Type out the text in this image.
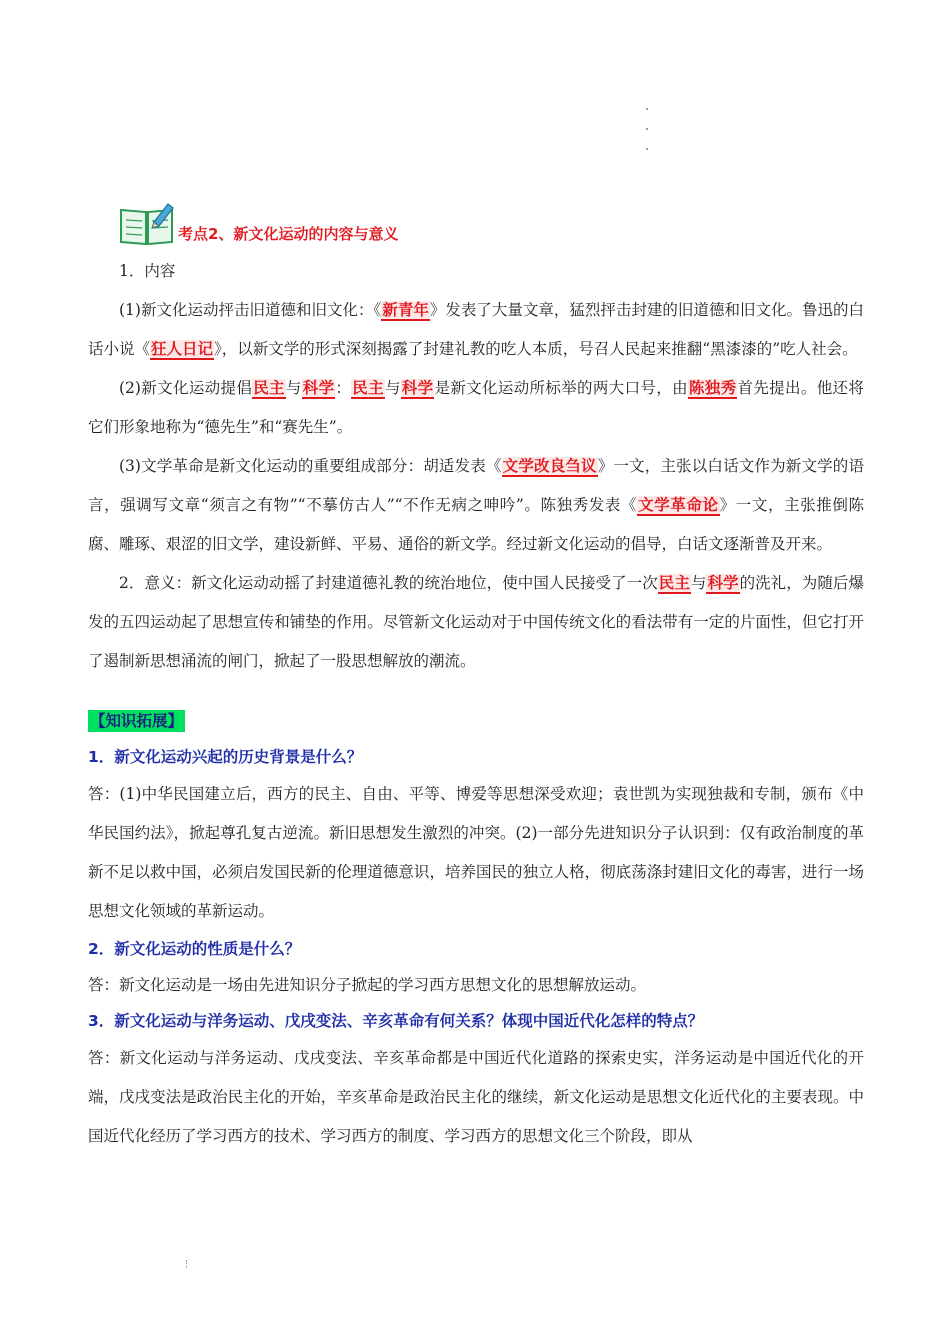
考点2、新文化运动的内容与意义

1．内容

(1)新文化运动抨击旧道德和旧文化：《新青年》发表了大量文章，猛烈抨击封建的旧道德和旧文化。鲁迅的白话小说《狂人日记》，以新文学的形式深刻揭露了封建礼教的吃人本质，号召人民起来推翻“黑漆漆的”吃人社会。

(2)新文化运动提倡民主与科学：民主与科学是新文化运动所标举的两大口号，由陈独秀首先提出。他还将它们形象地称为“德先生”和“赛先生”。

(3)文学革命是新文化运动的重要组成部分：胡适发表《文学改良刍议》一文，主张以白话文作为新文学的语言，强调写文章“须言之有物”“不摹仿古人”“不作无病之呻吟”。陈独秀发表《文学革命论》一文，主张推倒陈腐、雕琢、艰涩的旧文学，建设新鲜、平易、通俗的新文学。经过新文化运动的倡导，白话文逐渐普及开来。

2．意义：新文化运动动摇了封建道德礼教的统治地位，使中国人民接受了一次民主与科学的洗礼，为随后爆发的五四运动起了思想宣传和铺垫的作用。尽管新文化运动对于中国传统文化的看法带有一定的片面性，但它打开了遏制新思想涌流的闸门，掀起了一股思想解放的潮流。

【知识拓展】

1．新文化运动兴起的历史背景是什么？

答：(1)中华民国建立后，西方的民主、自由、平等、博爱等思想深受欢迎；袁世凯为实现独裁和专制，颁布《中华民国约法》，掀起尊孔复古逆流。新旧思想发生激烈的冲突。(2)一部分先进知识分子认识到：仅有政治制度的革新不足以救中国，必须启发国民新的伦理道德意识，培养国民的独立人格，彻底荡涤封建旧文化的毒害，进行一场思想文化领域的革新运动。

2．新文化运动的性质是什么？

答：新文化运动是一场由先进知识分子掀起的学习西方思想文化的思想解放运动。

3．新文化运动与洋务运动、戊戌变法、辛亥革命有何关系？体现中国近代化怎样的特点？

答：新文化运动与洋务运动、戊戌变法、辛亥革命都是中国近代化道路的探索史实，洋务运动是中国近代化的开端，戊戌变法是政治民主化的开始，辛亥革命是政治民主化的继续，新文化运动是思想文化近代化的主要表现。中国近代化经历了学习西方的技术、学习西方的制度、学习西方的思想文化三个阶段，即从
